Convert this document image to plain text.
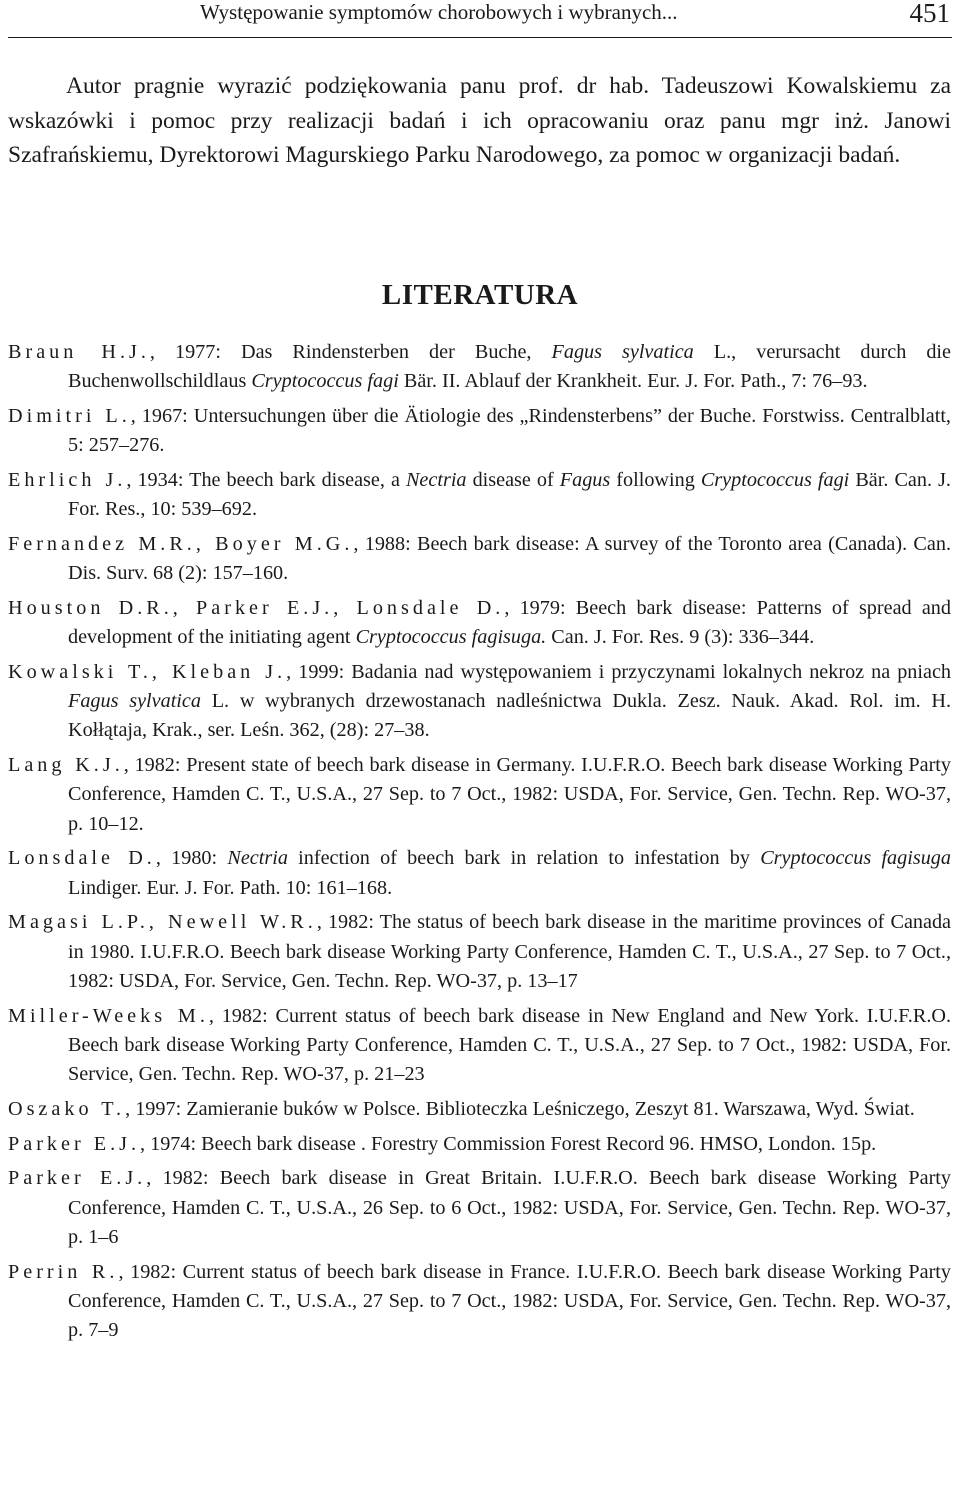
Występowanie symptomów chorobowych i wybranych...	451

Autor pragnie wyrazić podziękowania panu prof. dr hab. Tadeuszowi Kowalskiemu za wskazówki i pomoc przy realizacji badań i ich opracowaniu oraz panu mgr inż. Janowi Szafrańskiemu, Dyrektorowi Magurskiego Parku Narodowego, za pomoc w organizacji badań.

LITERATURA
Braun H.J., 1977: Das Rindensterben der Buche, Fagus sylvatica L., verursacht durch die Buchenwollschildlaus Cryptococcus fagi Bär. II. Ablauf der Krankheit. Eur. J. For. Path., 7: 76–93.
Dimitri L., 1967: Untersuchungen über die Ätiologie des „Rindensterbens” der Buche. Forstwiss. Centralblatt, 5: 257–276.
Ehrlich J., 1934: The beech bark disease, a Nectria disease of Fagus following Cryptococcus fagi Bär. Can. J. For. Res., 10: 539–692.
Fernandez M.R., Boyer M.G., 1988: Beech bark disease: A survey of the Toronto area (Canada). Can. Dis. Surv. 68 (2): 157–160.
Houston D.R., Parker E.J., Lonsdale D., 1979: Beech bark disease: Patterns of spread and development of the initiating agent Cryptococcus fagisuga. Can. J. For. Res. 9 (3): 336–344.
Kowalski T., Kleban J., 1999: Badania nad występowaniem i przyczynami lokalnych nekroz na pniach Fagus sylvatica L. w wybranych drzewostanach nadleśnictwa Dukla. Zesz. Nauk. Akad. Rol. im. H. Kołłątaja, Krak., ser. Leśn. 362, (28): 27–38.
Lang K.J., 1982: Present state of beech bark disease in Germany. I.U.F.R.O. Beech bark disease Working Party Conference, Hamden C. T., U.S.A., 27 Sep. to 7 Oct., 1982: USDA, For. Service, Gen. Techn. Rep. WO-37, p. 10–12.
Lonsdale D., 1980: Nectria infection of beech bark in relation to infestation by Cryptococcus fagisuga Lindiger. Eur. J. For. Path. 10: 161–168.
Magasi L.P., Newell W.R., 1982: The status of beech bark disease in the maritime provinces of Canada in 1980. I.U.F.R.O. Beech bark disease Working Party Conference, Hamden C. T., U.S.A., 27 Sep. to 7 Oct., 1982: USDA, For. Service, Gen. Techn. Rep. WO-37, p. 13–17
Miller-Weeks M., 1982: Current status of beech bark disease in New England and New York. I.U.F.R.O. Beech bark disease Working Party Conference, Hamden C. T., U.S.A., 27 Sep. to 7 Oct., 1982: USDA, For. Service, Gen. Techn. Rep. WO-37, p. 21–23
Oszako T., 1997: Zamieranie buków w Polsce. Biblioteczka Leśniczego, Zeszyt 81. Warszawa, Wyd. Świat.
Parker E.J., 1974: Beech bark disease . Forestry Commission Forest Record 96. HMSO, London. 15p.
Parker E.J., 1982: Beech bark disease in Great Britain. I.U.F.R.O. Beech bark disease Working Party Conference, Hamden C. T., U.S.A., 26 Sep. to 6 Oct., 1982: USDA, For. Service, Gen. Techn. Rep. WO-37, p. 1–6
Perrin R., 1982: Current status of beech bark disease in France. I.U.F.R.O. Beech bark disease Working Party Conference, Hamden C. T., U.S.A., 27 Sep. to 7 Oct., 1982: USDA, For. Service, Gen. Techn. Rep. WO-37, p. 7–9
